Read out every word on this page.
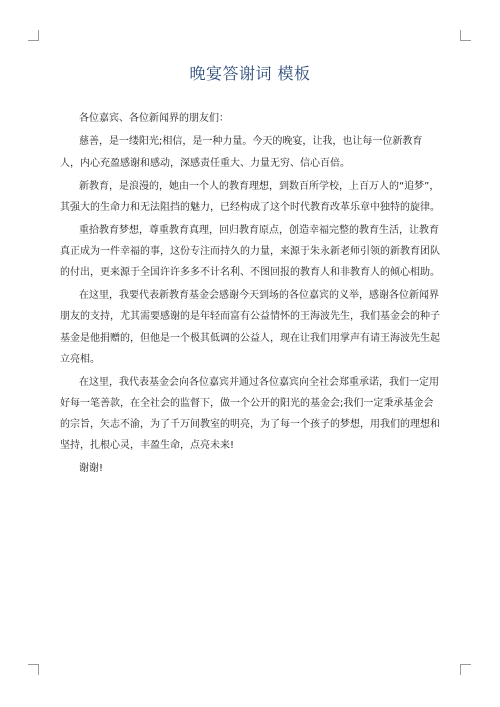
晚宴答谢词 模板

各位嘉宾、各位新闻界的朋友们：

慈善，是一缕阳光;相信，是一种力量。今天的晚宴，让我，也让每一位新教育人，内心充盈感谢和感动，深感责任重大、力量无穷、信心百倍。

新教育，是浪漫的，她由一个人的教育理想，到数百所学校，上百万人的“追梦”，其强大的生命力和无法阻挡的魅力，已经构成了这个时代教育改革乐章中独特的旋律。

重拾教育梦想，尊重教育真理，回归教育原点，创造幸福完整的教育生活，让教育真正成为一件幸福的事，这份专注而持久的力量，来源于朱永新老师引领的新教育团队的付出，更来源于全国许许多多不计名利、不图回报的教育人和非教育人的倾心相助。

在这里，我要代表新教育基金会感谢今天到场的各位嘉宾的义举，感谢各位新闻界朋友的支持，尤其需要感谢的是年轻而富有公益情怀的王海波先生，我们基金会的种子基金是他捐赠的，但他是一个极其低调的公益人，现在让我们用掌声有请王海波先生起立亮相。

在这里，我代表基金会向各位嘉宾并通过各位嘉宾向全社会郑重承诺，我们一定用好每一笔善款，在全社会的监督下，做一个公开的阳光的基金会;我们一定秉承基金会的宗旨，矢志不渝，为了千万间教室的明亮，为了每一个孩子的梦想，用我们的理想和坚持，扎根心灵，丰盈生命，点亮未来!

谢谢!
